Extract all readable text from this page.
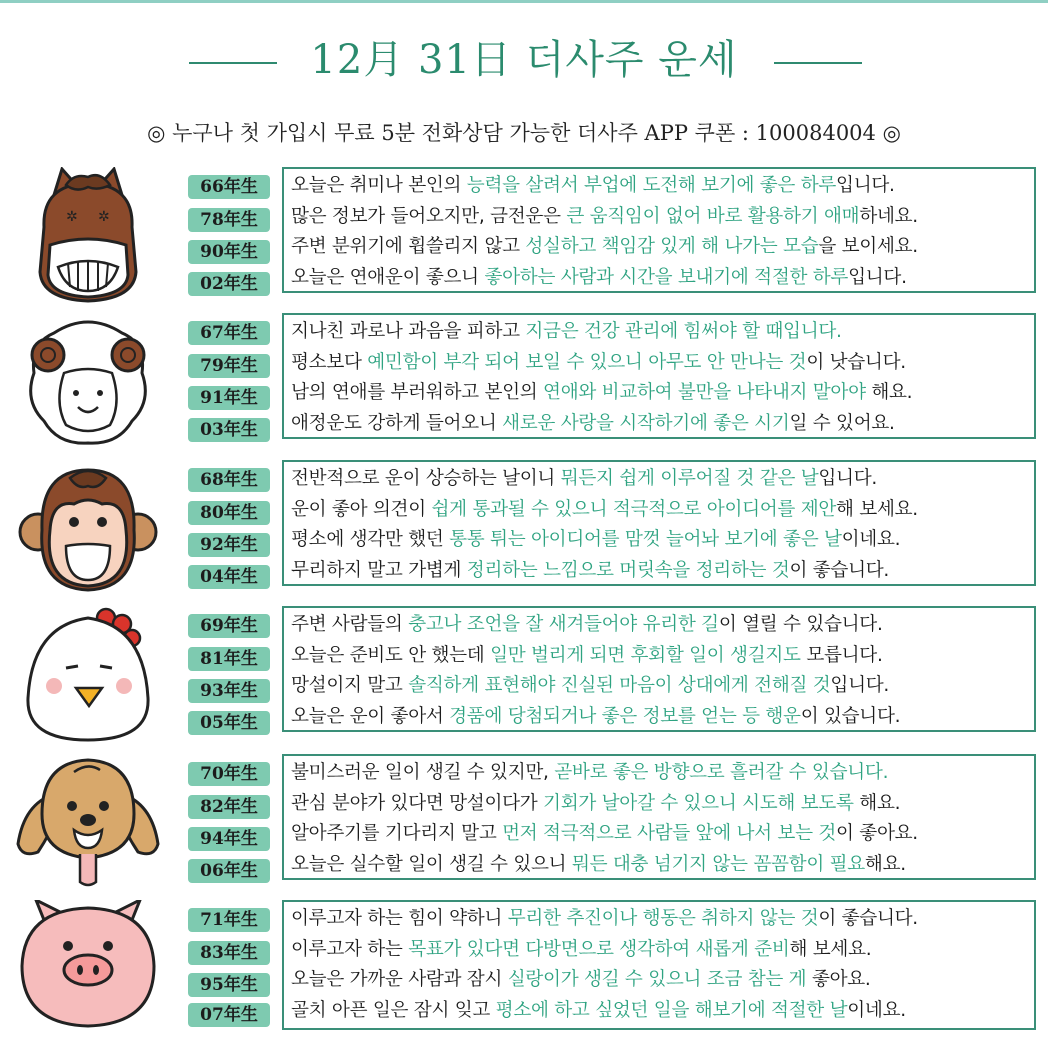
12月 31日 더사주 운세
◎ 누구나 첫 가입시 무료 5분 전화상담 가능한 더사주 APP 쿠폰 : 100084004 ◎
✲ ✲
66年生
78年生
90年生
02年生
오늘은 취미나 본인의 능력을 살려서 부업에 도전해 보기에 좋은 하루입니다.
많은 정보가 들어오지만, 금전운은 큰 움직임이 없어 바로 활용하기 애매하네요.
주변 분위기에 휩쓸리지 않고 성실하고 책임감 있게 해 나가는 모습을 보이세요.
오늘은 연애운이 좋으니 좋아하는 사람과 시간을 보내기에 적절한 하루입니다.
67年生
79年生
91年生
03年生
지나친 과로나 과음을 피하고 지금은 건강 관리에 힘써야 할 때입니다.
평소보다 예민함이 부각 되어 보일 수 있으니 아무도 안 만나는 것이 낫습니다.
남의 연애를 부러워하고 본인의 연애와 비교하여 불만을 나타내지 말아야 해요.
애정운도 강하게 들어오니 새로운 사랑을 시작하기에 좋은 시기일 수 있어요.
68年生
80年生
92年生
04年生
전반적으로 운이 상승하는 날이니 뭐든지 쉽게 이루어질 것 같은 날입니다.
운이 좋아 의견이 쉽게 통과될 수 있으니 적극적으로 아이디어를 제안해 보세요.
평소에 생각만 했던 통통 튀는 아이디어를 맘껏 늘어놔 보기에 좋은 날이네요.
무리하지 말고 가볍게 정리하는 느낌으로 머릿속을 정리하는 것이 좋습니다.
69年生
81年生
93年生
05年生
주변 사람들의 충고나 조언을 잘 새겨들어야 유리한 길이 열릴 수 있습니다.
오늘은 준비도 안 했는데 일만 벌리게 되면 후회할 일이 생길지도 모릅니다.
망설이지 말고 솔직하게 표현해야 진실된 마음이 상대에게 전해질 것입니다.
오늘은 운이 좋아서 경품에 당첨되거나 좋은 정보를 얻는 등 행운이 있습니다.
70年生
82年生
94年生
06年生
불미스러운 일이 생길 수 있지만, 곧바로 좋은 방향으로 흘러갈 수 있습니다.
관심 분야가 있다면 망설이다가 기회가 날아갈 수 있으니 시도해 보도록 해요.
알아주기를 기다리지 말고 먼저 적극적으로 사람들 앞에 나서 보는 것이 좋아요.
오늘은 실수할 일이 생길 수 있으니 뭐든 대충 넘기지 않는 꼼꼼함이 필요해요.
71年生
83年生
95年生
07年生
이루고자 하는 힘이 약하니 무리한 추진이나 행동은 취하지 않는 것이 좋습니다.
이루고자 하는 목표가 있다면 다방면으로 생각하여 새롭게 준비해 보세요.
오늘은 가까운 사람과 잠시 실랑이가 생길 수 있으니 조금 참는 게 좋아요.
골치 아픈 일은 잠시 잊고 평소에 하고 싶었던 일을 해보기에 적절한 날이네요.
